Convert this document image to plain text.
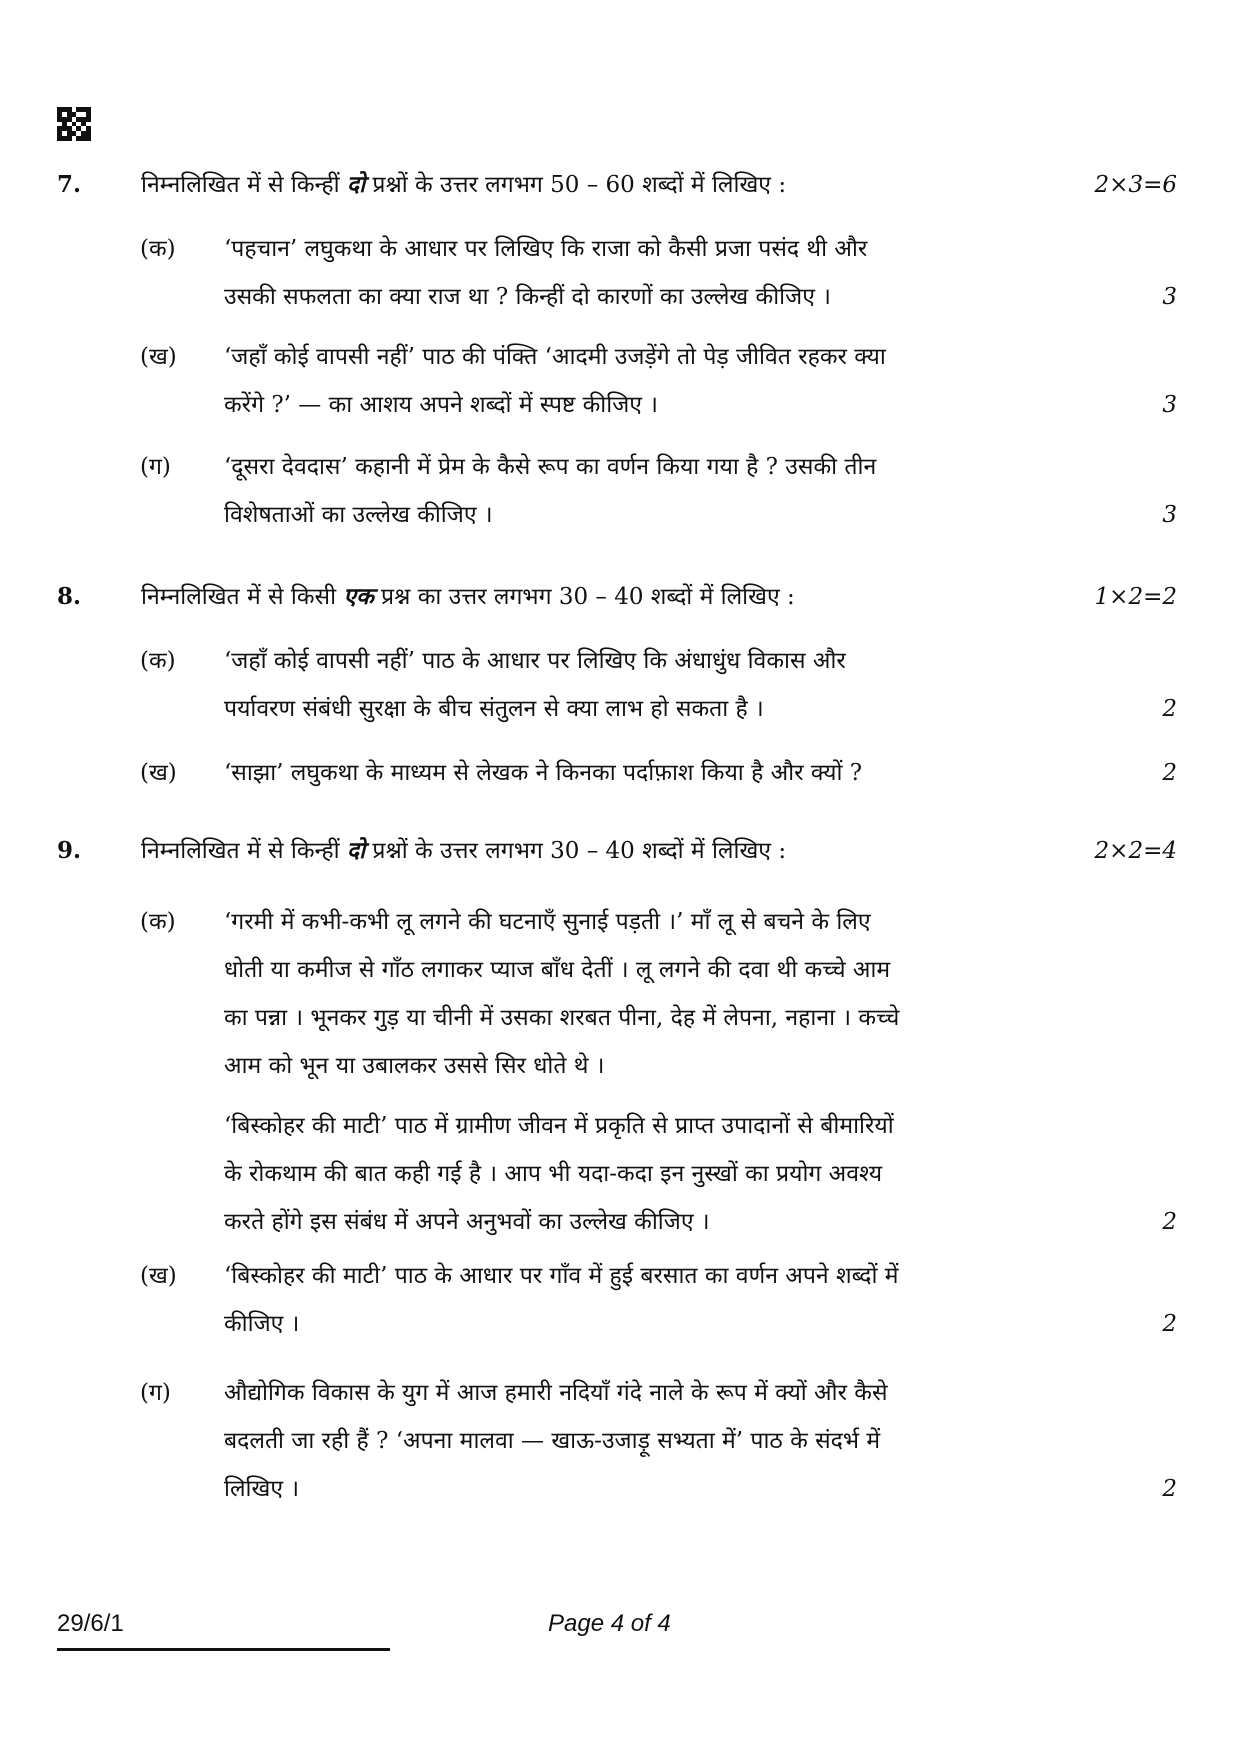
7.	निम्नलिखित में से किन्हीं दो प्रश्नों के उत्तर लगभग 50 – 60 शब्दों में लिखिए :	2×3=6
(क) ‘पहचान’ लघुकथा के आधार पर लिखिए कि राजा को कैसी प्रजा पसंद थी और
उसकी सफलता का क्या राज था ? किन्हीं दो कारणों का उल्लेख कीजिए ।	3
(ख) ‘जहाँ कोई वापसी नहीं’ पाठ की पंक्ति ‘आदमी उजड़ेंगे तो पेड़ जीवित रहकर क्या
करेंगे ?’ — का आशय अपने शब्दों में स्पष्ट कीजिए ।	3
(ग) ‘दूसरा देवदास’ कहानी में प्रेम के कैसे रूप का वर्णन किया गया है ? उसकी तीन
विशेषताओं का उल्लेख कीजिए ।	3
8.	निम्नलिखित में से किसी एक प्रश्न का उत्तर लगभग 30 – 40 शब्दों में लिखिए :	1×2=2
(क) ‘जहाँ कोई वापसी नहीं’ पाठ के आधार पर लिखिए कि अंधाधुंध विकास और
पर्यावरण संबंधी सुरक्षा के बीच संतुलन से क्या लाभ हो सकता है ।	2
(ख) ‘साझा’ लघुकथा के माध्यम से लेखक ने किनका पर्दाफ़ाश किया है और क्यों ?	2
9.	निम्नलिखित में से किन्हीं दो प्रश्नों के उत्तर लगभग 30 – 40 शब्दों में लिखिए :	2×2=4
(क) ‘गरमी में कभी-कभी लू लगने की घटनाएँ सुनाई पड़ती ।’ माँ लू से बचने के लिए
धोती या कमीज से गाँठ लगाकर प्याज बाँध देतीं । लू लगने की दवा थी कच्चे आम
का पन्ना । भूनकर गुड़ या चीनी में उसका शरबत पीना, देह में लेपना, नहाना । कच्चे
आम को भून या उबालकर उससे सिर धोते थे ।
‘बिस्कोहर की माटी’ पाठ में ग्रामीण जीवन में प्रकृति से प्राप्त उपादानों से बीमारियों
के रोकथाम की बात कही गई है । आप भी यदा-कदा इन नुस्खों का प्रयोग अवश्य
करते होंगे इस संबंध में अपने अनुभवों का उल्लेख कीजिए ।	2
(ख) ‘बिस्कोहर की माटी’ पाठ के आधार पर गाँव में हुई बरसात का वर्णन अपने शब्दों में
कीजिए ।	2
(ग) औद्योगिक विकास के युग में आज हमारी नदियाँ गंदे नाले के रूप में क्यों और कैसे
बदलती जा रही हैं ? ‘अपना मालवा — खाऊ-उजाड़ू सभ्यता में’ पाठ के संदर्भ में
लिखिए ।	2
29/6/1	Page 4 of 4
